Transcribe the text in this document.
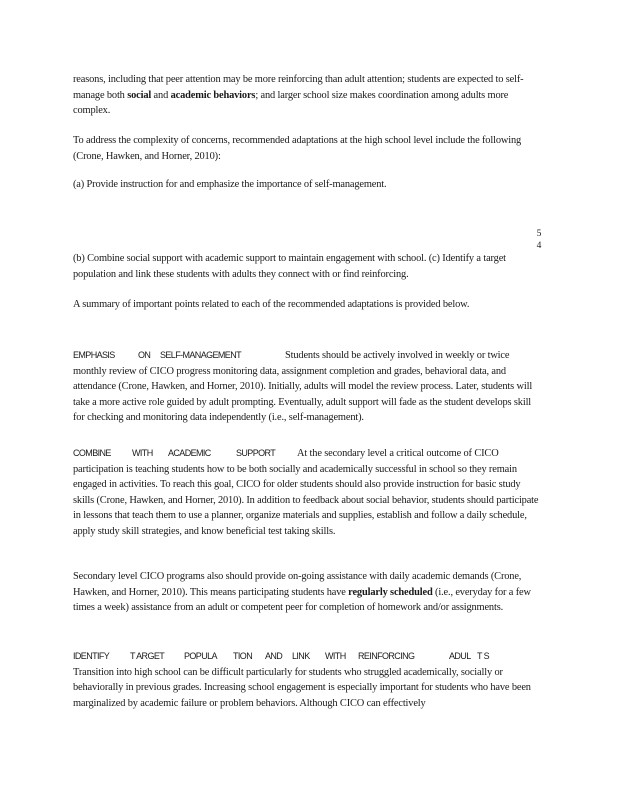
reasons, including that peer attention may be more reinforcing than adult attention; students are expected to self-manage both social and academic behaviors; and larger school size makes coordination among adults more complex.

To address the complexity of concerns, recommended adaptations at the high school level include the following (Crone, Hawken, and Horner, 2010):

(a) Provide instruction for and emphasize the importance of self-management.

5
4

(b) Combine social support with academic support to maintain engagement with school. (c) Identify a target population and link these students with adults they connect with or find reinforcing.

A summary of important points related to each of the recommended adaptations is provided below.

EMPHASIS	ON SELF-MANAGEMENT	Students should be actively involved in weekly or twice monthly review of CICO progress monitoring data, assignment completion and grades, behavioral data, and attendance (Crone, Hawken, and Horner, 2010). Initially, adults will model the review process. Later, students will take a more active role guided by adult prompting. Eventually, adult support will fade as the student develops skill for checking and monitoring data independently (i.e., self-management).

COMBINE WITH ACADEMIC	SUPPORT At the secondary level a critical outcome of CICO participation is teaching students how to be both socially and academically successful in school so they remain engaged in activities. To reach this goal, CICO for older students should also provide instruction for basic study skills (Crone, Hawken, and Horner, 2010). In addition to feedback about social behavior, students should participate in lessons that teach them to use a planner, organize materials and supplies, establish and follow a daily schedule, apply study skill strategies, and know beneficial test taking skills.

Secondary level CICO programs also should provide on-going assistance with daily academic demands (Crone, Hawken, and Horner, 2010). This means participating students have regularly scheduled (i.e., everyday for a few times a week) assistance from an adult or competent peer for completion of homework and/or assignments.

IDENTIFY T ARGET POPULA TION AND LINK WITH REINFORCING	ADUL T S
Transition into high school can be difficult particularly for students who struggled academically, socially or behaviorally in previous grades. Increasing school engagement is especially important for students who have been marginalized by academic failure or problem behaviors. Although CICO can effectively
